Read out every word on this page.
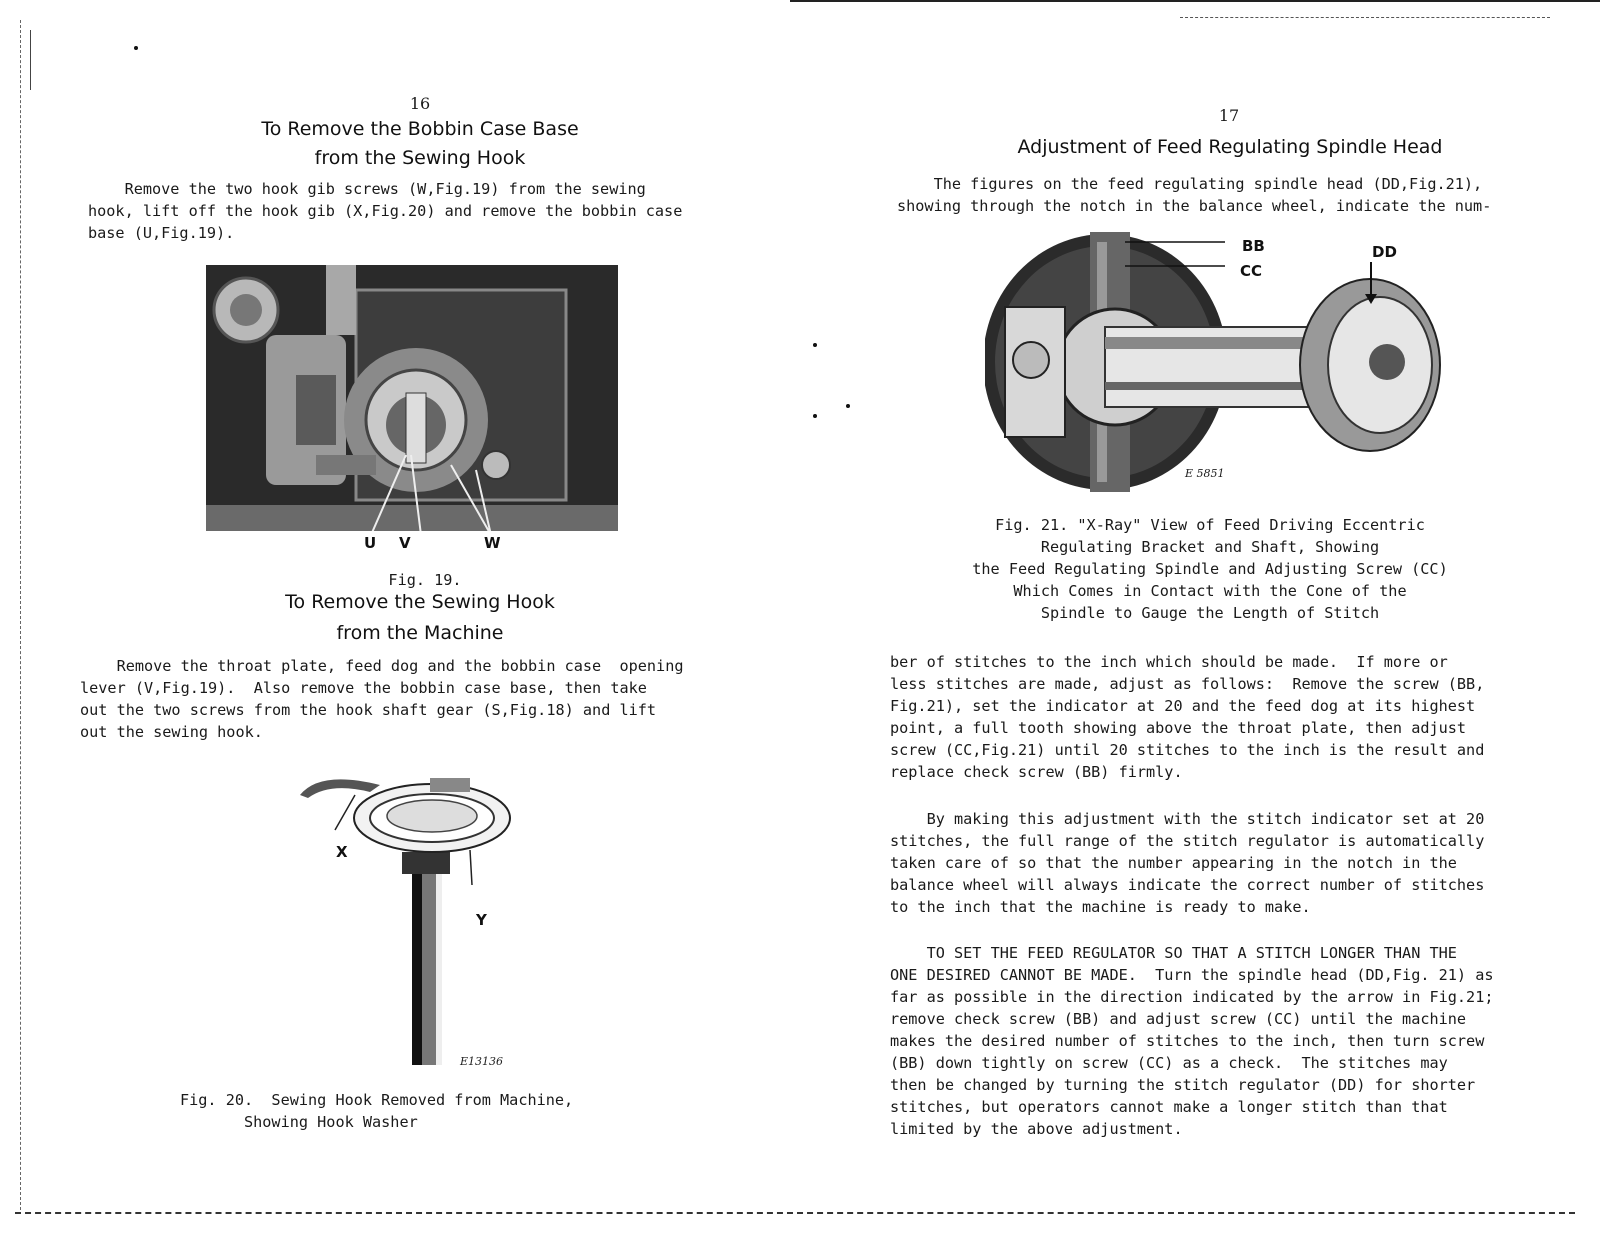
16
To Remove the Bobbin Case Base
from the Sewing Hook
Remove the two hook gib screws (W,Fig.19) from the sewing
hook, lift off the hook gib (X,Fig.20) and remove the bobbin case
base (U,Fig.19).
U V	W
Fig. 19.
To Remove the Sewing Hook
from the Machine
Remove the throat plate, feed dog and the bobbin case  opening
lever (V,Fig.19).  Also remove the bobbin case base, then take
out the two screws from the hook shaft gear (S,Fig.18) and lift
out the sewing hook.
X
Y
E13136
Fig. 20.  Sewing Hook Removed from Machine,
Showing Hook Washer
17
Adjustment of Feed Regulating Spindle Head
The figures on the feed regulating spindle head (DD,Fig.21),
showing through the notch in the balance wheel, indicate the num-
BB
CC
DD
E 5851
Fig. 21. "X-Ray" View of Feed Driving Eccentric
Regulating Bracket and Shaft, Showing
the Feed Regulating Spindle and Adjusting Screw (CC)
Which Comes in Contact with the Cone of the
Spindle to Gauge the Length of Stitch
ber of stitches to the inch which should be made.  If more or
less stitches are made, adjust as follows:  Remove the screw (BB,
Fig.21), set the indicator at 20 and the feed dog at its highest
point, a full tooth showing above the throat plate, then adjust
screw (CC,Fig.21) until 20 stitches to the inch is the result and
replace check screw (BB) firmly.
By making this adjustment with the stitch indicator set at 20
stitches, the full range of the stitch regulator is automatically
taken care of so that the number appearing in the notch in the
balance wheel will always indicate the correct number of stitches
to the inch that the machine is ready to make.
TO SET THE FEED REGULATOR SO THAT A STITCH LONGER THAN THE
ONE DESIRED CANNOT BE MADE.  Turn the spindle head (DD,Fig. 21) as
far as possible in the direction indicated by the arrow in Fig.21;
remove check screw (BB) and adjust screw (CC) until the machine
makes the desired number of stitches to the inch, then turn screw
(BB) down tightly on screw (CC) as a check.  The stitches may
then be changed by turning the stitch regulator (DD) for shorter
stitches, but operators cannot make a longer stitch than that
limited by the above adjustment.
